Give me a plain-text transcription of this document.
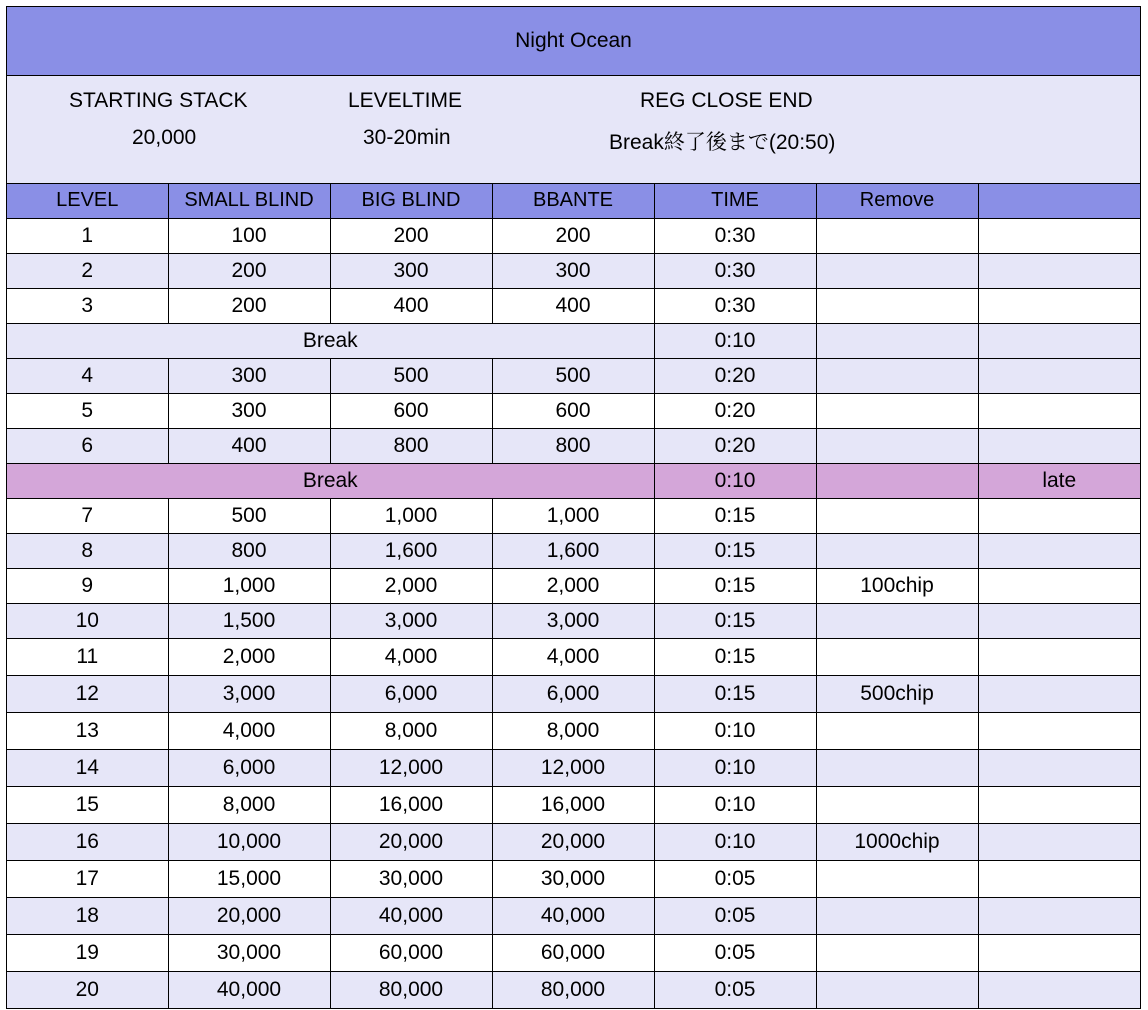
Night Ocean
STARTING STACK
20,000
LEVELTIME
30-20min
REG CLOSE END
Break終了後まで(20:50)
LEVEL	SMALL BLIND	BIG BLIND	BBANTE	TIME	Remove	
1	100	200	200	0:30		
2	200	300	300	0:30		
3	200	400	400	0:30		
Break				0:10		
4	300	500	500	0:20		
5	300	600	600	0:20		
6	400	800	800	0:20		
Break				0:10		late
7	500	1,000	1,000	0:15		
8	800	1,600	1,600	0:15		
9	1,000	2,000	2,000	0:15	100chip	
10	1,500	3,000	3,000	0:15		
11	2,000	4,000	4,000	0:15		
12	3,000	6,000	6,000	0:15	500chip	
13	4,000	8,000	8,000	0:10		
14	6,000	12,000	12,000	0:10		
15	8,000	16,000	16,000	0:10		
16	10,000	20,000	20,000	0:10	1000chip	
17	15,000	30,000	30,000	0:05		
18	20,000	40,000	40,000	0:05		
19	30,000	60,000	60,000	0:05		
20	40,000	80,000	80,000	0:05		
